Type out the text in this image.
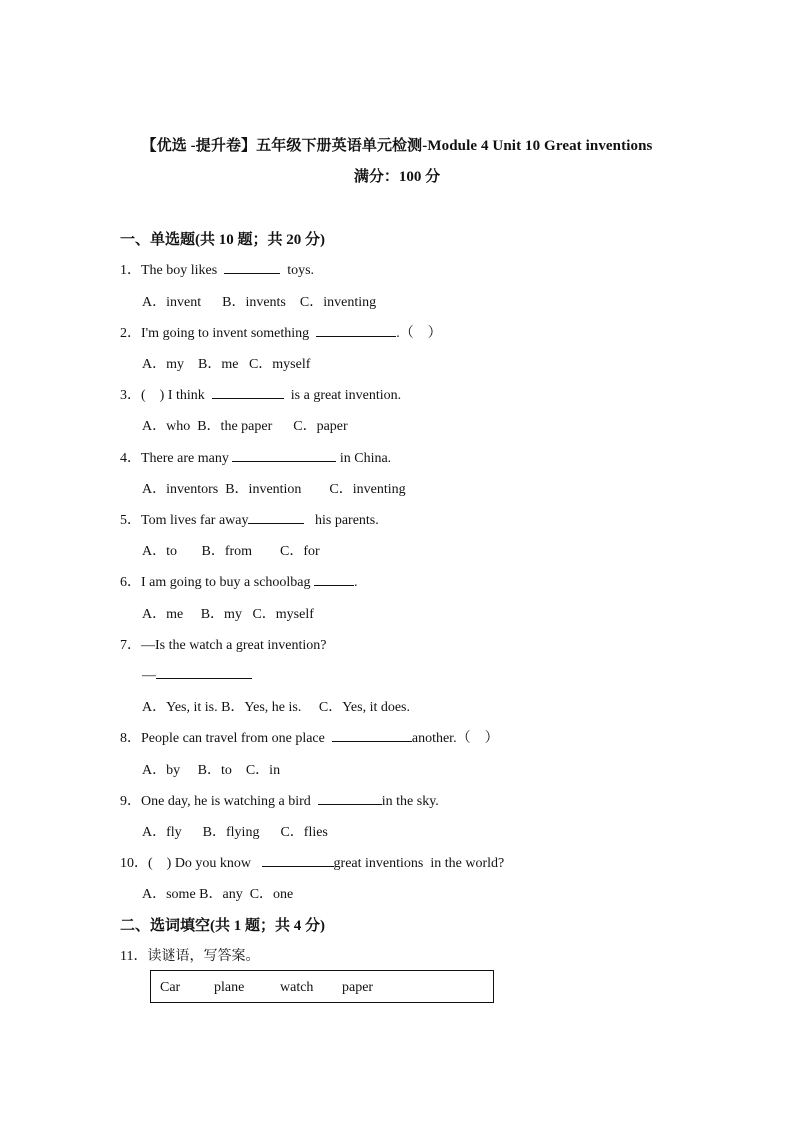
【优选 -提升卷】五年级下册英语单元检测-Module 4 Unit 10 Great inventions
满分：100 分
一、单选题(共 10 题；共 20 分)
1．The boy likes	toys.
A．invent      B．invents    C．inventing
2．I'm going to invent something	.（    ）
A．my    B．me   C．myself
3．(    ) I think	is a great invention.
A．who  B．the paper      C．paper
4．There are many	in China.
A．inventors  B．invention        C．inventing
5．Tom lives far away	his parents.
A．to       B．from        C．for
6．I am going to buy a schoolbag	.
A．me     B．my   C．myself
7．—Is the watch a great invention?
—
A．Yes, it is. B．Yes, he is.     C．Yes, it does.
8．People can travel from one place	another.（    ）
A．by     B．to    C．in
9．One day, he is watching a bird	in the sky.
A．fly      B．flying      C．flies
10．(    ) Do you know	great inventions  in the world?
A．some B．any  C．one
二、选词填空(共 1 题；共 4 分)
11．读谜语，写答案。
Car plane	watch paper
